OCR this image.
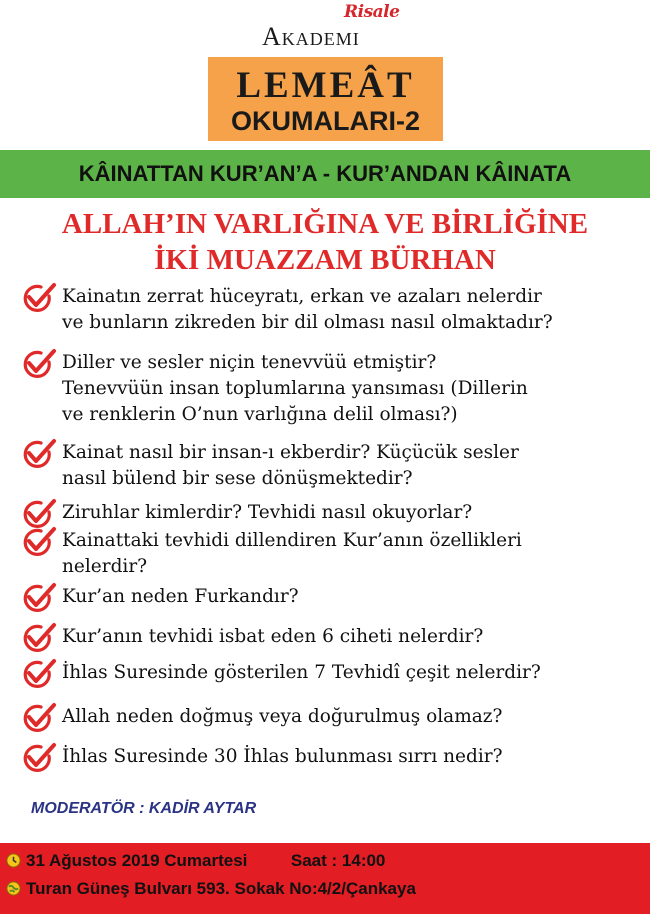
Risale
Akademi
LEMEÂT
OKUMALARI-2
KÂINATTAN KUR’AN’A - KUR’ANDAN KÂINATA
ALLAH’IN VARLIĞINA VE BİRLİĞİNE
İKİ MUAZZAM BÜRHAN
Kainatın zerrat hüceyratı, erkan ve azaları nelerdir
ve bunların zikreden bir dil olması nasıl olmaktadır?
Diller ve sesler niçin tenevvüü etmiştir?
Tenevvüün insan toplumlarına yansıması (Dillerin
ve renklerin O’nun varlığına delil olması?)
Kainat nasıl bir insan-ı ekberdir? Küçücük sesler
nasıl bülend bir sese dönüşmektedir?
Ziruhlar kimlerdir? Tevhidi nasıl okuyorlar?
Kainattaki tevhidi dillendiren Kur’anın özellikleri
nelerdir?
Kur’an neden Furkandır?
Kur’anın tevhidi isbat eden 6 ciheti nelerdir?
İhlas Suresinde gösterilen 7 Tevhidî çeşit nelerdir?
Allah neden doğmuş veya doğurulmuş olamaz?
İhlas Suresinde 30 İhlas bulunması sırrı nedir?
MODERATÖR : KADİR AYTAR
31 Ağustos 2019 Cumartesi	Saat : 14:00
Turan Güneş Bulvarı 593. Sokak No:4/2/Çankaya
